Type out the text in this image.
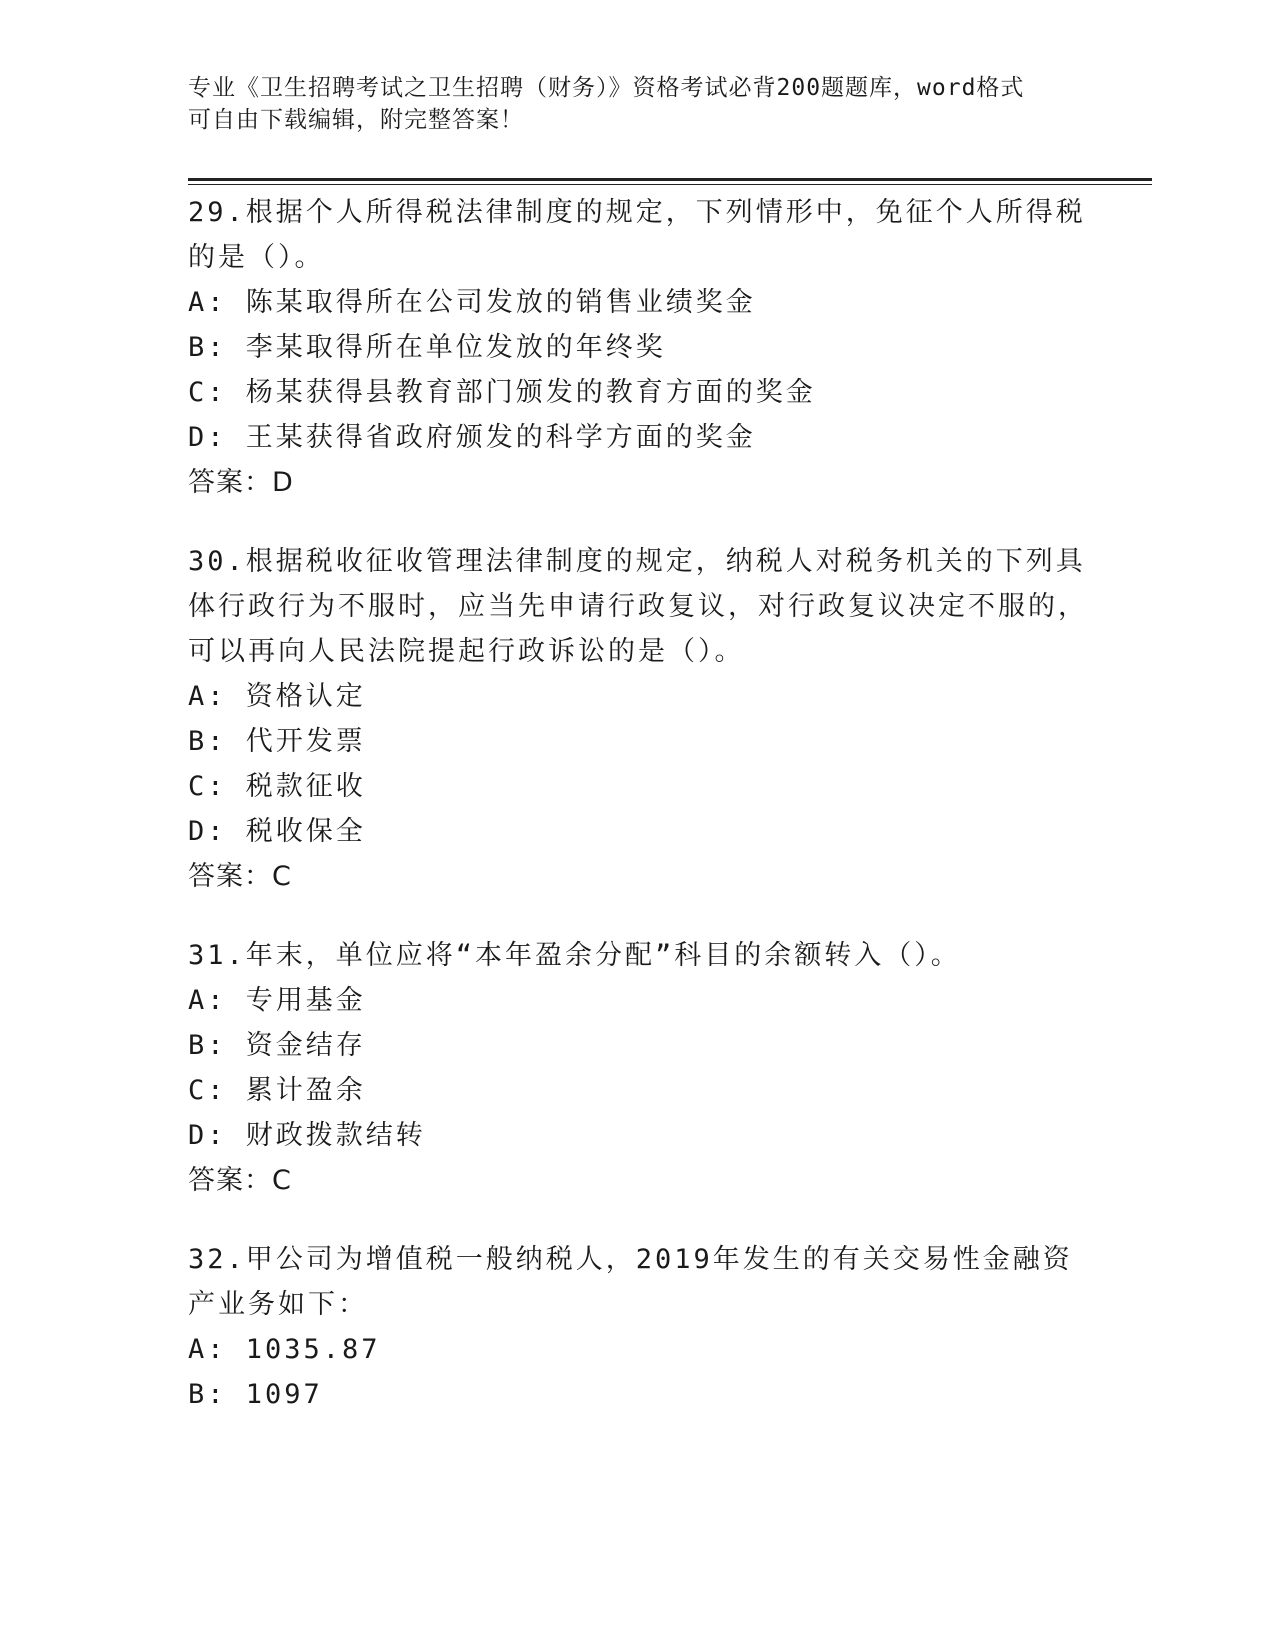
专业《卫生招聘考试之卫生招聘（财务）》资格考试必背200题题库，word格式
可自由下载编辑，附完整答案！
29.根据个人所得税法律制度的规定，下列情形中，免征个人所得税的是（）。
A: 陈某取得所在公司发放的销售业绩奖金
B: 李某取得所在单位发放的年终奖
C: 杨某获得县教育部门颁发的教育方面的奖金
D: 王某获得省政府颁发的科学方面的奖金
答案：D
30.根据税收征收管理法律制度的规定，纳税人对税务机关的下列具体行政行为不服时，应当先申请行政复议，对行政复议决定不服的，可以再向人民法院提起行政诉讼的是（）。
A: 资格认定
B: 代开发票
C: 税款征收
D: 税收保全
答案：C
31.年末，单位应将“本年盈余分配”科目的余额转入（）。
A: 专用基金
B: 资金结存
C: 累计盈余
D: 财政拨款结转
答案：C
32.甲公司为增值税一般纳税人，2019年发生的有关交易性金融资产业务如下：
A: 1035.87
B: 1097
